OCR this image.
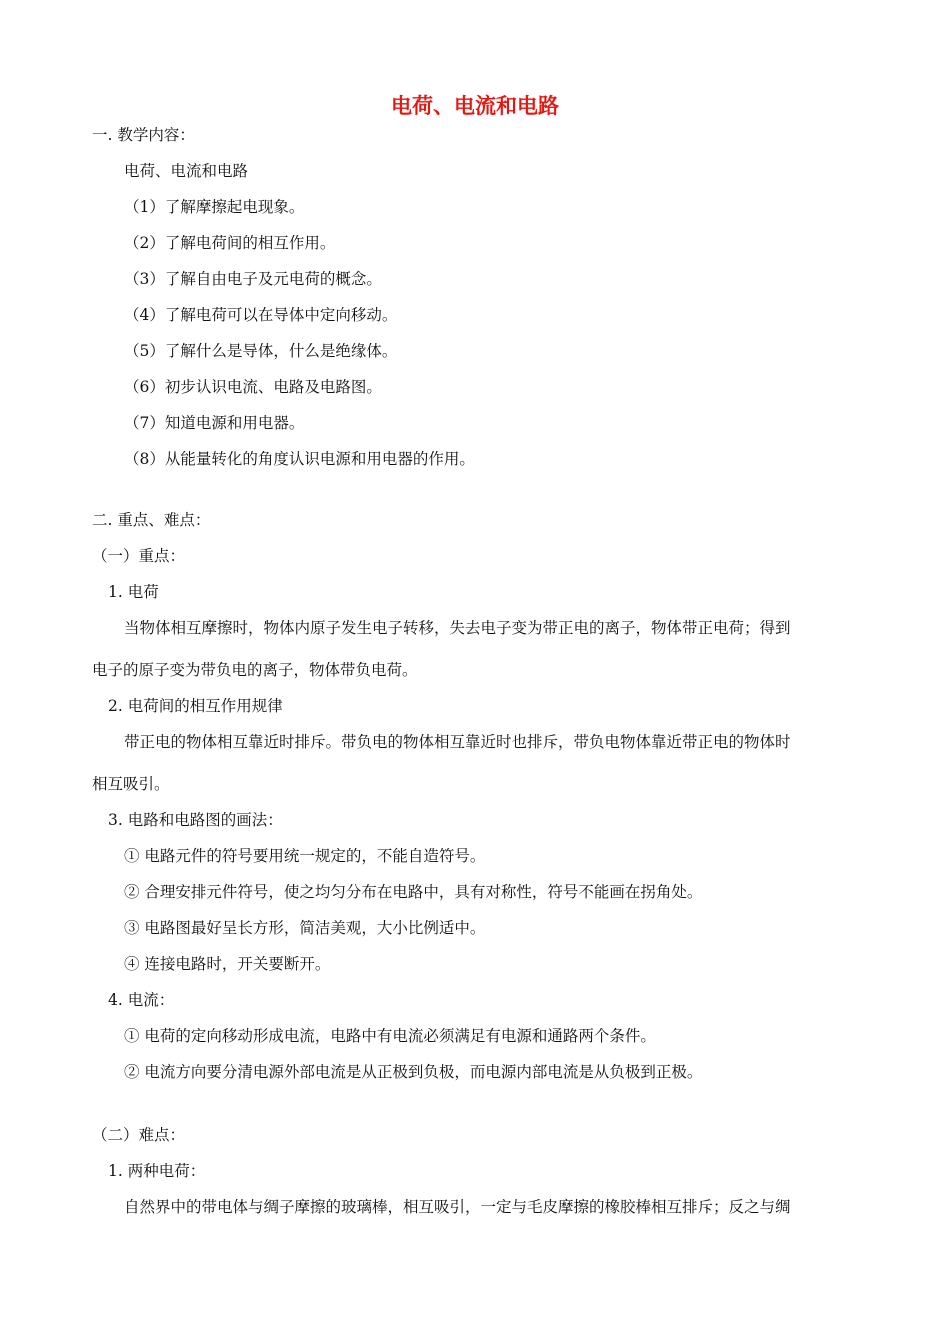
电荷、电流和电路
一. 教学内容：
电荷、电流和电路
（1）了解摩擦起电现象。
（2）了解电荷间的相互作用。
（3）了解自由电子及元电荷的概念。
（4）了解电荷可以在导体中定向移动。
（5）了解什么是导体，什么是绝缘体。
（6）初步认识电流、电路及电路图。
（7）知道电源和用电器。
（8）从能量转化的角度认识电源和用电器的作用。
二. 重点、难点：
（一）重点：
1. 电荷
当物体相互摩擦时，物体内原子发生电子转移，失去电子变为带正电的离子，物体带正电荷；得到
电子的原子变为带负电的离子，物体带负电荷。
2. 电荷间的相互作用规律
带正电的物体相互靠近时排斥。带负电的物体相互靠近时也排斥，带负电物体靠近带正电的物体时
相互吸引。
3. 电路和电路图的画法：
① 电路元件的符号要用统一规定的，不能自造符号。
② 合理安排元件符号，使之均匀分布在电路中，具有对称性，符号不能画在拐角处。
③ 电路图最好呈长方形，简洁美观，大小比例适中。
④ 连接电路时，开关要断开。
4. 电流：
① 电荷的定向移动形成电流，电路中有电流必须满足有电源和通路两个条件。
② 电流方向要分清电源外部电流是从正极到负极，而电源内部电流是从负极到正极。
（二）难点：
1. 两种电荷：
自然界中的带电体与绸子摩擦的玻璃棒，相互吸引，一定与毛皮摩擦的橡胶棒相互排斥；反之与绸
